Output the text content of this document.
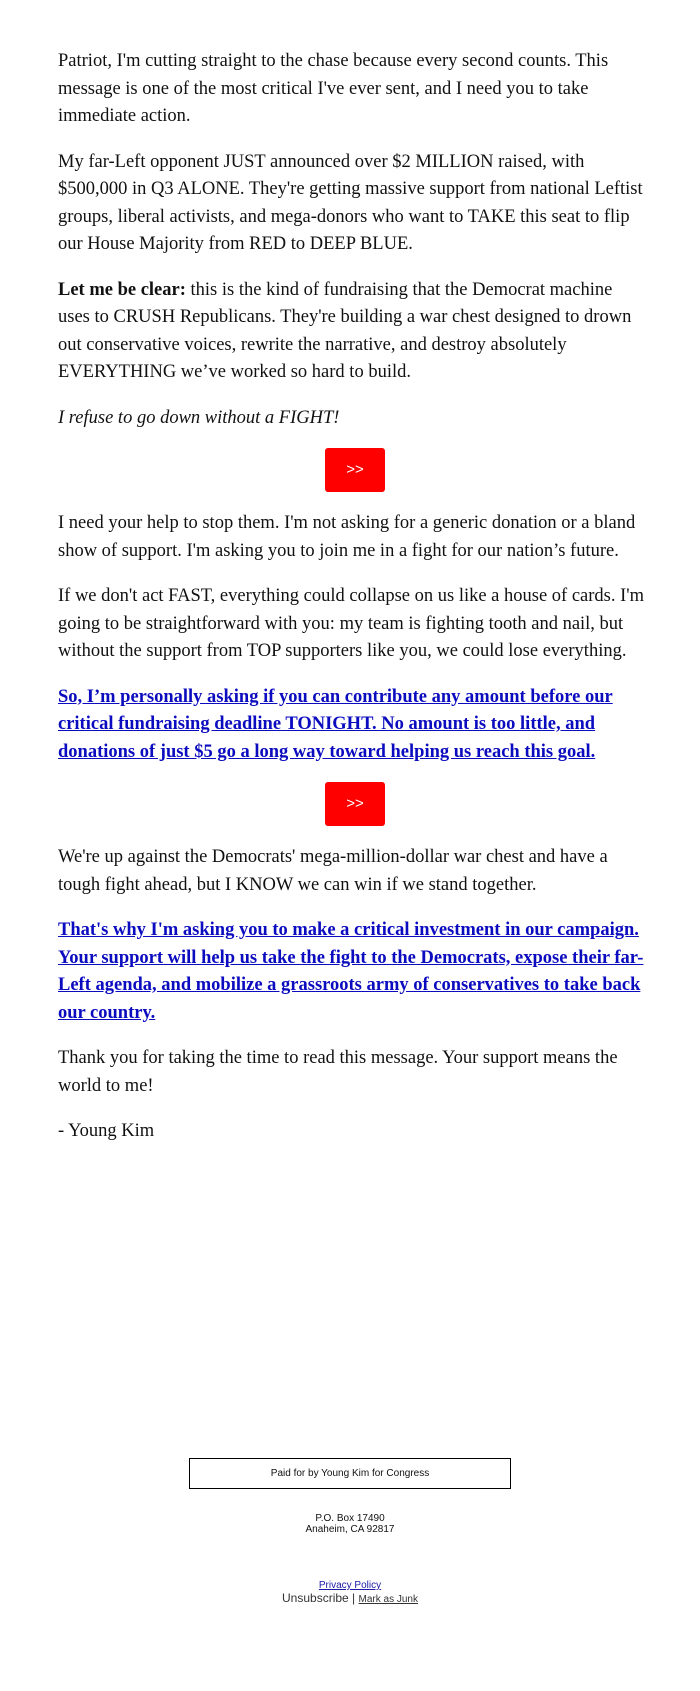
Patriot, I'm cutting straight to the chase because every second counts. This message is one of the most critical I've ever sent, and I need you to take immediate action.

My far-Left opponent JUST announced over $2 MILLION raised, with $500,000 in Q3 ALONE. They're getting massive support from national Leftist groups, liberal activists, and mega-donors who want to TAKE this seat to flip our House Majority from RED to DEEP BLUE.

Let me be clear: this is the kind of fundraising that the Democrat machine uses to CRUSH Republicans. They're building a war chest designed to drown out conservative voices, rewrite the narrative, and destroy absolutely EVERYTHING we’ve worked so hard to build.

I refuse to go down without a FIGHT!

>>

I need your help to stop them. I'm not asking for a generic donation or a bland show of support. I'm asking you to join me in a fight for our nation’s future.

If we don't act FAST, everything could collapse on us like a house of cards. I'm going to be straightforward with you: my team is fighting tooth and nail, but without the support from TOP supporters like you, we could lose everything.

So, I’m personally asking if you can contribute any amount before our critical fundraising deadline TONIGHT. No amount is too little, and donations of just $5 go a long way toward helping us reach this goal.

>>

We're up against the Democrats' mega-million-dollar war chest and have a tough fight ahead, but I KNOW we can win if we stand together.

That's why I'm asking you to make a critical investment in our campaign. Your support will help us take the fight to the Democrats, expose their far-Left agenda, and mobilize a grassroots army of conservatives to take back our country.

Thank you for taking the time to read this message. Your support means the world to me!

- Young Kim

Paid for by Young Kim for Congress
P.O. Box 17490
Anaheim, CA 92817
Privacy Policy
Unsubscribe | Mark as Junk
